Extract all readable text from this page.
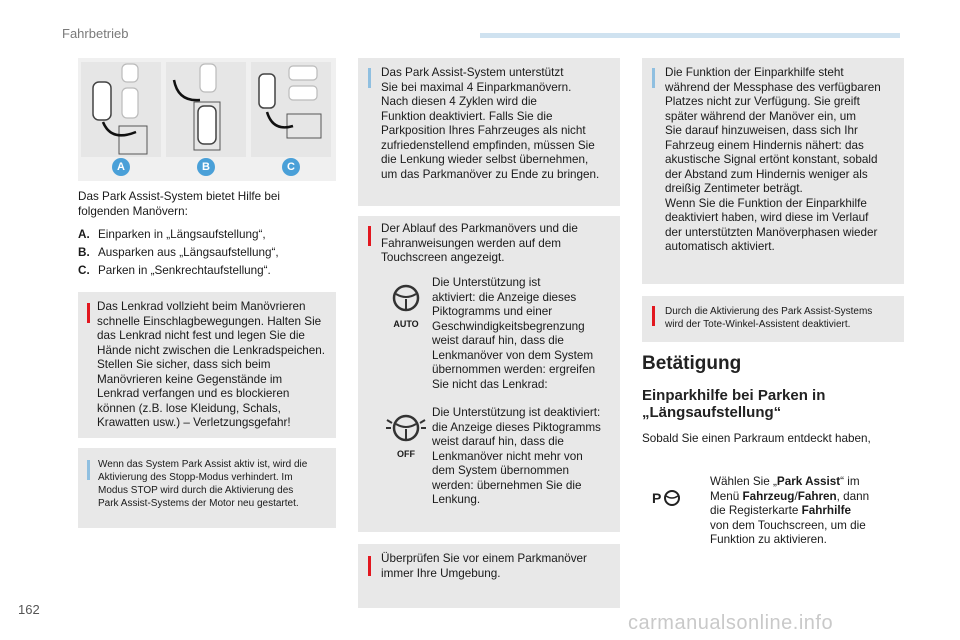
Fahrbetrieb
A	B	C
Das Park Assist-System bietet Hilfe bei
folgenden Manövern:
A. Einparken in „Längsaufstellung“,
B. Ausparken aus „Längsaufstellung“,
C. Parken in „Senkrechtaufstellung“.
Das Lenkrad vollzieht beim Manövrieren
schnelle Einschlagbewegungen. Halten Sie
das Lenkrad nicht fest und legen Sie die
Hände nicht zwischen die Lenkradspeichen.
Stellen Sie sicher, dass sich beim
Manövrieren keine Gegenstände im
Lenkrad verfangen und es blockieren
können (z.B. lose Kleidung, Schals,
Krawatten usw.) – Verletzungsgefahr!
Wenn das System Park Assist aktiv ist, wird die
Aktivierung des Stopp-Modus verhindert. Im
Modus STOP wird durch die Aktivierung des
Park Assist-Systems der Motor neu gestartet.
Das Park Assist-System unterstützt
Sie bei maximal 4 Einparkmanövern.
Nach diesen 4 Zyklen wird die
Funktion deaktiviert. Falls Sie die
Parkposition Ihres Fahrzeuges als nicht
zufriedenstellend empfinden, müssen Sie
die Lenkung wieder selbst übernehmen,
um das Parkmanöver zu Ende zu bringen.
Der Ablauf des Parkmanövers und die
Fahranweisungen werden auf dem
Touchscreen angezeigt.
AUTO
Die Unterstützung ist
aktiviert: die Anzeige dieses
Piktogramms und einer
Geschwindigkeitsbegrenzung
weist darauf hin, dass die
Lenkmanöver von dem System
übernommen werden: ergreifen
Sie nicht das Lenkrad:
OFF
Die Unterstützung ist deaktiviert:
die Anzeige dieses Piktogramms
weist darauf hin, dass die
Lenkmanöver nicht mehr von
dem System übernommen
werden: übernehmen Sie die
Lenkung.
Überprüfen Sie vor einem Parkmanöver
immer Ihre Umgebung.
Die Funktion der Einparkhilfe steht
während der Messphase des verfügbaren
Platzes nicht zur Verfügung. Sie greift
später während der Manöver ein, um
Sie darauf hinzuweisen, dass sich Ihr
Fahrzeug einem Hindernis nähert: das
akustische Signal ertönt konstant, sobald
der Abstand zum Hindernis weniger als
dreißig Zentimeter beträgt.
Wenn Sie die Funktion der Einparkhilfe
deaktiviert haben, wird diese im Verlauf
der unterstützten Manöverphasen wieder
automatisch aktiviert.
Durch die Aktivierung des Park Assist-Systems
wird der Tote-Winkel-Assistent deaktiviert.
Betätigung
Einparkhilfe bei Parken in
„Längsaufstellung“
Sobald Sie einen Parkraum entdeckt haben,
P
Wählen Sie „Park Assist“ im
Menü Fahrzeug/Fahren, dann
die Registerkarte Fahrhilfe
von dem Touchscreen, um die
Funktion zu aktivieren.
162
carmanualsonline.info
